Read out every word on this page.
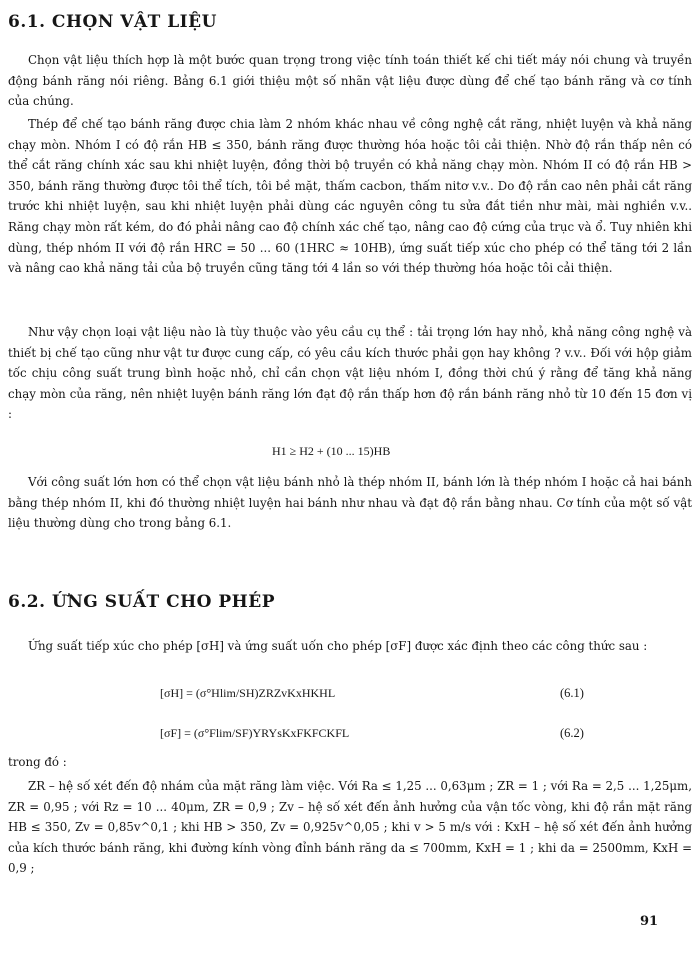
6.1. CHỌN VẬT LIỆU

Chọn vật liệu thích hợp là một bước quan trọng trong việc tính toán thiết kế chi tiết máy nói chung và truyền động bánh răng nói riêng. Bảng 6.1 giới thiệu một số nhãn vật liệu được dùng để chế tạo bánh răng và cơ tính của chúng.

Thép để chế tạo bánh răng được chia làm 2 nhóm khác nhau về công nghệ cắt răng, nhiệt luyện và khả năng chạy mòn. Nhóm I có độ rắn HB ≤ 350, bánh răng được thường hóa hoặc tôi cải thiện. Nhờ độ rắn thấp nên có thể cắt răng chính xác sau khi nhiệt luyện, đồng thời bộ truyền có khả năng chạy mòn. Nhóm II có độ rắn HB > 350, bánh răng thường được tôi thể tích, tôi bề mặt, thấm cacbon, thấm nitơ v.v.. Do độ rắn cao nên phải cắt răng trước khi nhiệt luyện, sau khi nhiệt luyện phải dùng các nguyên công tu sửa đắt tiền như mài, mài nghiền v.v.. Răng chạy mòn rất kém, do đó phải nâng cao độ chính xác chế tạo, nâng cao độ cứng của trục và ổ. Tuy nhiên khi dùng, thép nhóm II với độ rắn HRC = 50 ... 60 (1HRC ≈ 10HB), ứng suất tiếp xúc cho phép có thể tăng tới 2 lần và nâng cao khả năng tải của bộ truyền cũng tăng tới 4 lần so với thép thường hóa hoặc tôi cải thiện.

Như vậy chọn loại vật liệu nào là tùy thuộc vào yêu cầu cụ thể : tải trọng lớn hay nhỏ, khả năng công nghệ và thiết bị chế tạo cũng như vật tư được cung cấp, có yêu cầu kích thước phải gọn hay không ? v.v.. Đối với hộp giảm tốc chịu công suất trung bình hoặc nhỏ, chỉ cần chọn vật liệu nhóm I, đồng thời chú ý rằng để tăng khả năng chạy mòn của răng, nên nhiệt luyện bánh răng lớn đạt độ rắn thấp hơn độ rắn bánh răng nhỏ từ 10 đến 15 đơn vị :

H1 ≥ H2 + (10 ... 15)HB

Với công suất lớn hơn có thể chọn vật liệu bánh nhỏ là thép nhóm II, bánh lớn là thép nhóm I hoặc cả hai bánh bằng thép nhóm II, khi đó thường nhiệt luyện hai bánh như nhau và đạt độ rắn bằng nhau. Cơ tính của một số vật liệu thường dùng cho trong bảng 6.1.

6.2. ỨNG SUẤT CHO PHÉP

Ứng suất tiếp xúc cho phép [σH] và ứng suất uốn cho phép [σF] được xác định theo các công thức sau :

[σH] = (σ°Hlim/SH)ZRZvKxHKHL	(6.1)
[σF] = (σ°Flim/SF)YRYsKxFKFCKFL	(6.2)

trong đó :

ZR – hệ số xét đến độ nhám của mặt răng làm việc. Với Ra ≤ 1,25 ... 0,63μm ; ZR = 1 ; với Ra = 2,5 ... 1,25μm, ZR = 0,95 ; với Rz = 10 ... 40μm, ZR = 0,9 ; Zv – hệ số xét đến ảnh hưởng của vận tốc vòng, khi độ rắn mặt răng HB ≤ 350, Zv = 0,85v^0,1 ; khi HB > 350, Zv = 0,925v^0,05 ; khi v > 5 m/s với : KxH – hệ số xét đến ảnh hưởng của kích thước bánh răng, khi đường kính vòng đỉnh bánh răng da ≤ 700mm, KxH = 1 ; khi da = 2500mm, KxH = 0,9 ;

91
